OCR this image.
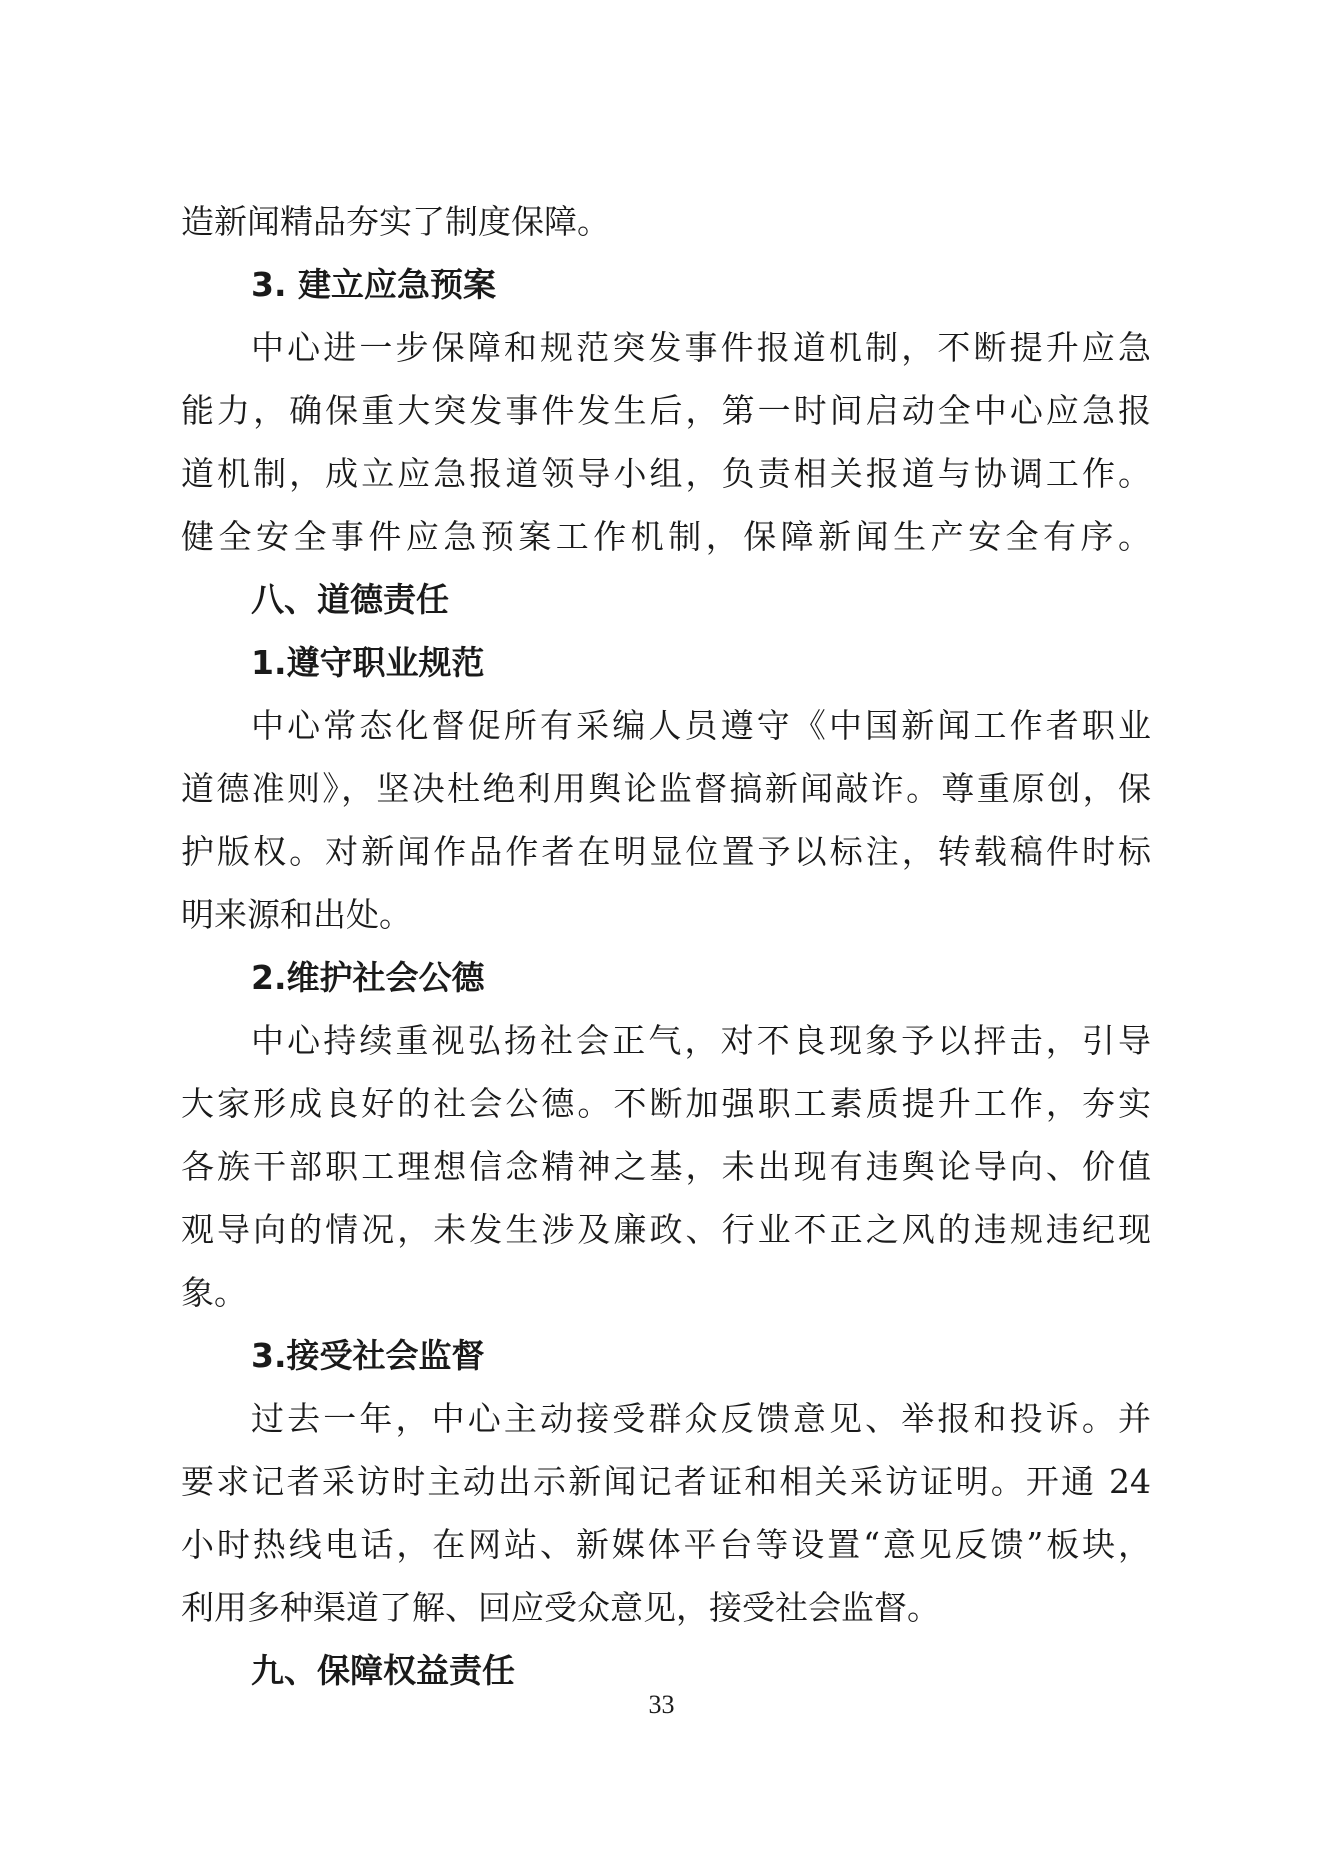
造新闻精品夯实了制度保障。

3. 建立应急预案

中心进一步保障和规范突发事件报道机制，不断提升应急

能力，确保重大突发事件发生后，第一时间启动全中心应急报

道机制，成立应急报道领导小组，负责相关报道与协调工作。

健全安全事件应急预案工作机制，保障新闻生产安全有序。

八、道德责任

1.遵守职业规范

中心常态化督促所有采编人员遵守《中国新闻工作者职业

道德准则》，坚决杜绝利用舆论监督搞新闻敲诈。尊重原创，保

护版权。对新闻作品作者在明显位置予以标注，转载稿件时标

明来源和出处。

2.维护社会公德

中心持续重视弘扬社会正气，对不良现象予以抨击，引导

大家形成良好的社会公德。不断加强职工素质提升工作，夯实

各族干部职工理想信念精神之基，未出现有违舆论导向、价值

观导向的情况，未发生涉及廉政、行业不正之风的违规违纪现

象。

3.接受社会监督

过去一年，中心主动接受群众反馈意见、举报和投诉。并

要求记者采访时主动出示新闻记者证和相关采访证明。开通 24

小时热线电话，在网站、新媒体平台等设置“意见反馈”板块，

利用多种渠道了解、回应受众意见，接受社会监督。

九、保障权益责任

33
